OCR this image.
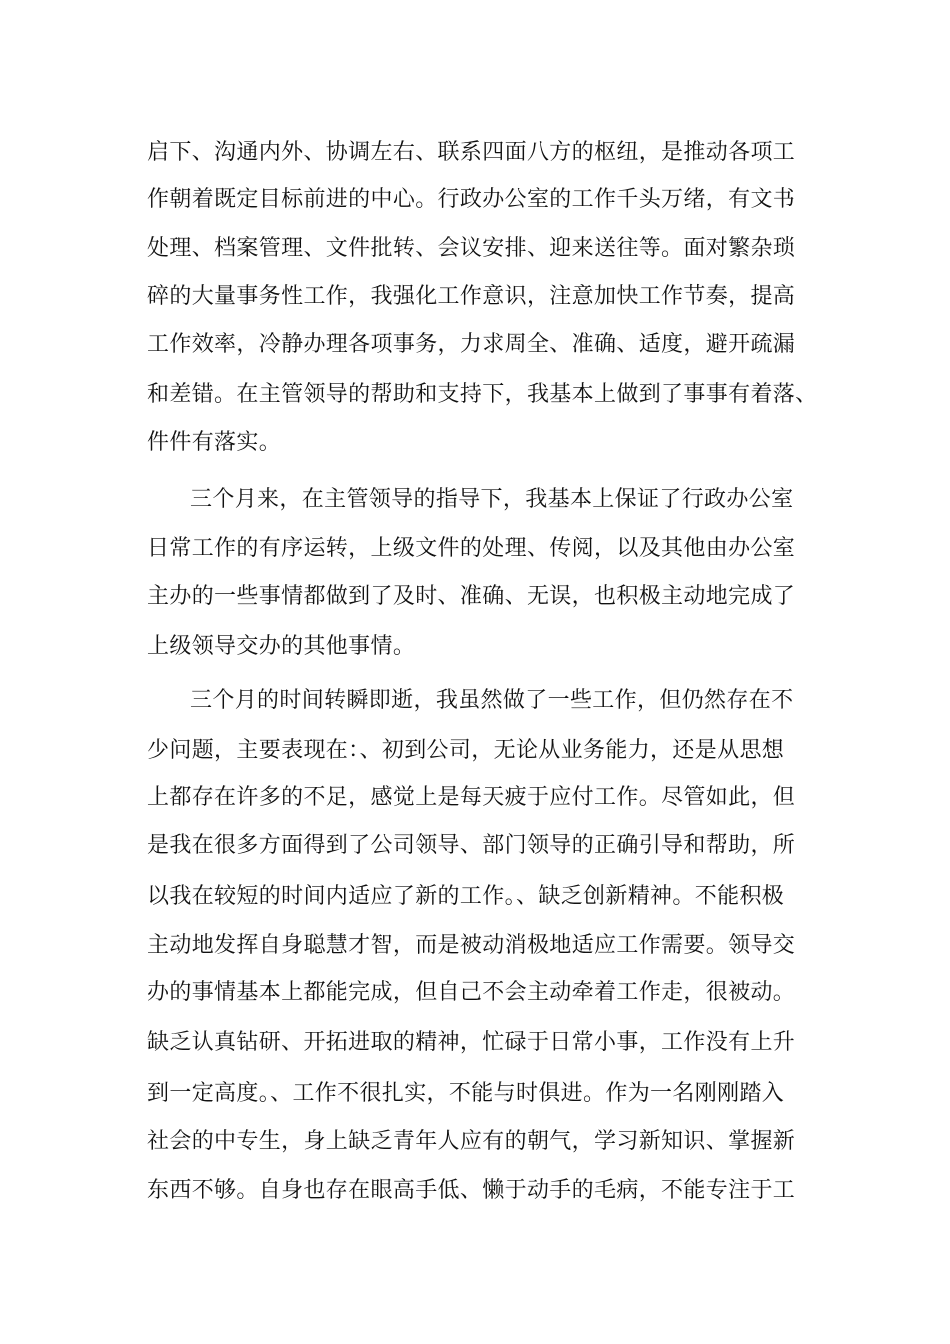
启下、沟通内外、协调左右、联系四面八方的枢纽，是推动各项工
作朝着既定目标前进的中心。行政办公室的工作千头万绪，有文书
处理、档案管理、文件批转、会议安排、迎来送往等。面对繁杂琐
碎的大量事务性工作，我强化工作意识，注意加快工作节奏，提高
工作效率，冷静办理各项事务，力求周全、准确、适度，避开疏漏
和差错。在主管领导的帮助和支持下，我基本上做到了事事有着落、
件件有落实。
三个月来，在主管领导的指导下，我基本上保证了行政办公室
日常工作的有序运转，上级文件的处理、传阅，以及其他由办公室
主办的一些事情都做到了及时、准确、无误，也积极主动地完成了
上级领导交办的其他事情。
三个月的时间转瞬即逝，我虽然做了一些工作，但仍然存在不
少问题，主要表现在：、初到公司，无论从业务能力，还是从思想
上都存在许多的不足，感觉上是每天疲于应付工作。尽管如此，但
是我在很多方面得到了公司领导、部门领导的正确引导和帮助，所
以我在较短的时间内适应了新的工作。、缺乏创新精神。不能积极
主动地发挥自身聪慧才智，而是被动消极地适应工作需要。领导交
办的事情基本上都能完成，但自己不会主动牵着工作走，很被动。
缺乏认真钻研、开拓进取的精神，忙碌于日常小事，工作没有上升
到一定高度。、工作不很扎实，不能与时俱进。作为一名刚刚踏入
社会的中专生，身上缺乏青年人应有的朝气，学习新知识、掌握新
东西不够。自身也存在眼高手低、懒于动手的毛病，不能专注于工
